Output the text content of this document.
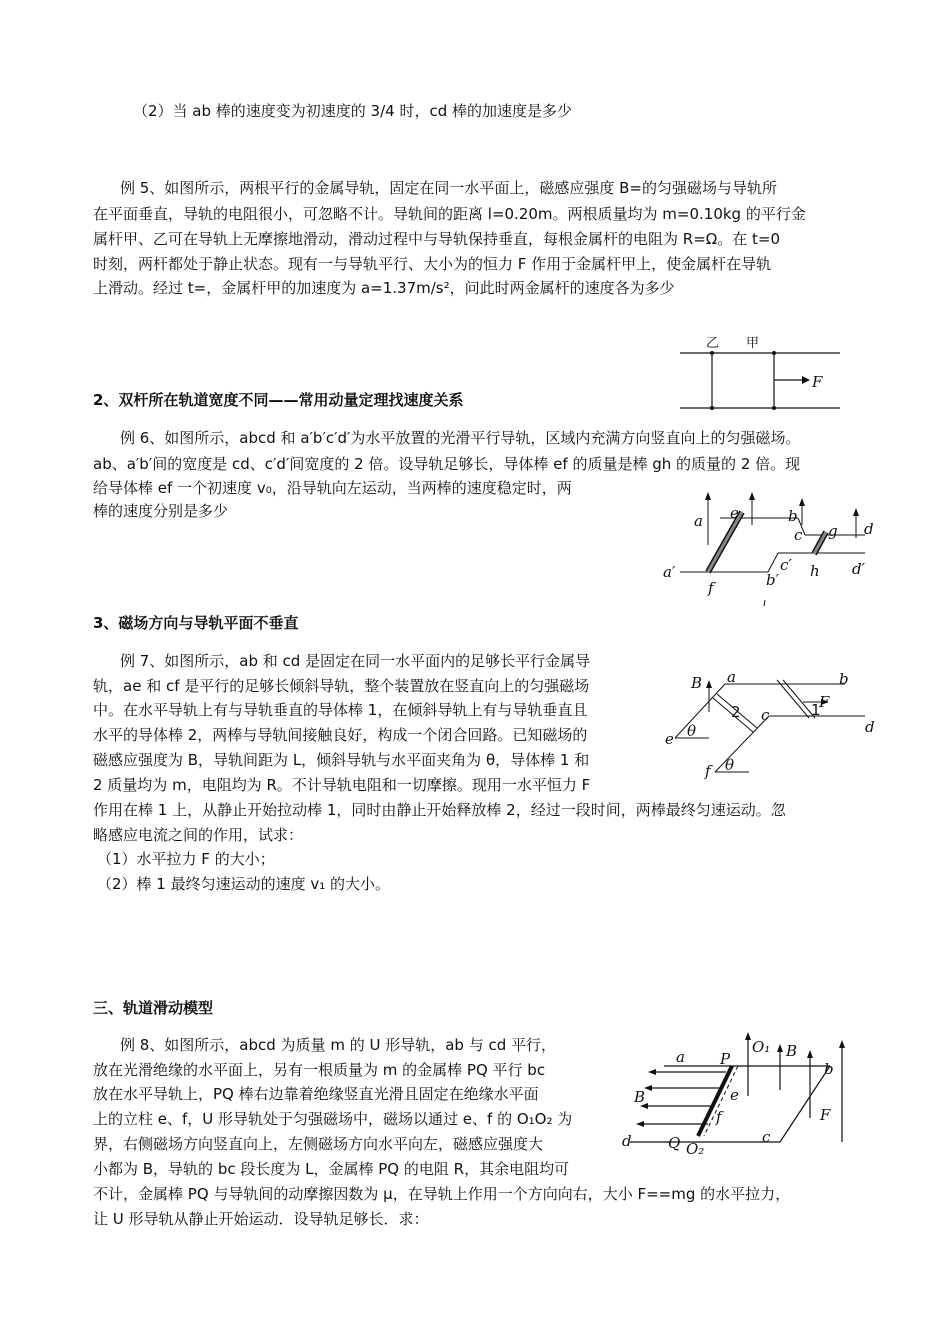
（2）当 ab 棒的速度变为初速度的 3/4 时，cd 棒的加速度是多少
例 5、如图所示，两根平行的金属导轨，固定在同一水平面上，磁感应强度 B=的匀强磁场与导轨所
在平面垂直，导轨的电阻很小，可忽略不计。导轨间的距离 l=0.20m。两根质量均为 m=0.10kg 的平行金
属杆甲、乙可在导轨上无摩擦地滑动，滑动过程中与导轨保持垂直，每根金属杆的电阻为 R=Ω。在 t=0
时刻，两杆都处于静止状态。现有一与导轨平行、大小为的恒力 F 作用于金属杆甲上，使金属杆在导轨
上滑动。经过 t=，金属杆甲的加速度为 a=1.37m/s²，问此时两金属杆的速度各为多少
乙 甲
F
2、双杆所在轨道宽度不同——常用动量定理找速度关系
例 6、如图所示，abcd 和 a′b′c′d′为水平放置的光滑平行导轨，区域内充满方向竖直向上的匀强磁场。
ab、a′b′间的宽度是 cd、c′d′间宽度的 2 倍。设导轨足够长，导体棒 ef 的质量是棒 gh 的质量的 2 倍。现
给导体棒 ef 一个初速度 v₀，沿导轨向左运动，当两棒的速度稳定时，两
棒的速度分别是多少
a e	b
c g d
a′
f	b′
c′ h d′
3、磁场方向与导轨平面不垂直
例 7、如图所示，ab 和 cd 是固定在同一水平面内的足够长平行金属导
轨，ae 和 cf 是平行的足够长倾斜导轨，整个装置放在竖直向上的匀强磁场
中。在水平导轨上有与导轨垂直的导体棒 1，在倾斜导轨上有与导轨垂直且
水平的导体棒 2，两棒与导轨间接触良好，构成一个闭合回路。已知磁场的
磁感应强度为 B，导轨间距为 L，倾斜导轨与水平面夹角为 θ，导体棒 1 和
2 质量均为 m，电阻均为 R。不计导轨电阻和一切摩擦。现用一水平恒力 F
作用在棒 1 上，从静止开始拉动棒 1，同时由静止开始释放棒 2，经过一段时间，两棒最终匀速运动。忽
略感应电流之间的作用，试求：
（1）水平拉力 F 的大小；
（2）棒 1 最终匀速运动的速度 v₁ 的大小。
B a	b
F
1
2 c
d
e θ
f θ
三、轨道滑动模型
例 8、如图所示，abcd 为质量 m 的 U 形导轨，ab 与 cd 平行，
放在光滑绝缘的水平面上，另有一根质量为 m 的金属棒 PQ 平行 bc
放在水平导轨上，PQ 棒右边靠着绝缘竖直光滑且固定在绝缘水平面
上的立柱 e、f，U 形导轨处于匀强磁场中，磁场以通过 e、f 的 O₁O₂ 为
界，右侧磁场方向竖直向上，左侧磁场方向水平向左，磁感应强度大
小都为 B，导轨的 bc 段长度为 L，金属棒 PQ 的电阻 R，其余电阻均可
不计，金属棒 PQ 与导轨间的动摩擦因数为 μ，在导轨上作用一个方向向右，大小 F==mg 的水平拉力，
让 U 形导轨从静止开始运动．设导轨足够长．求：
a P
O₁ B
b
B	e
f	F
d Q O₂
c
